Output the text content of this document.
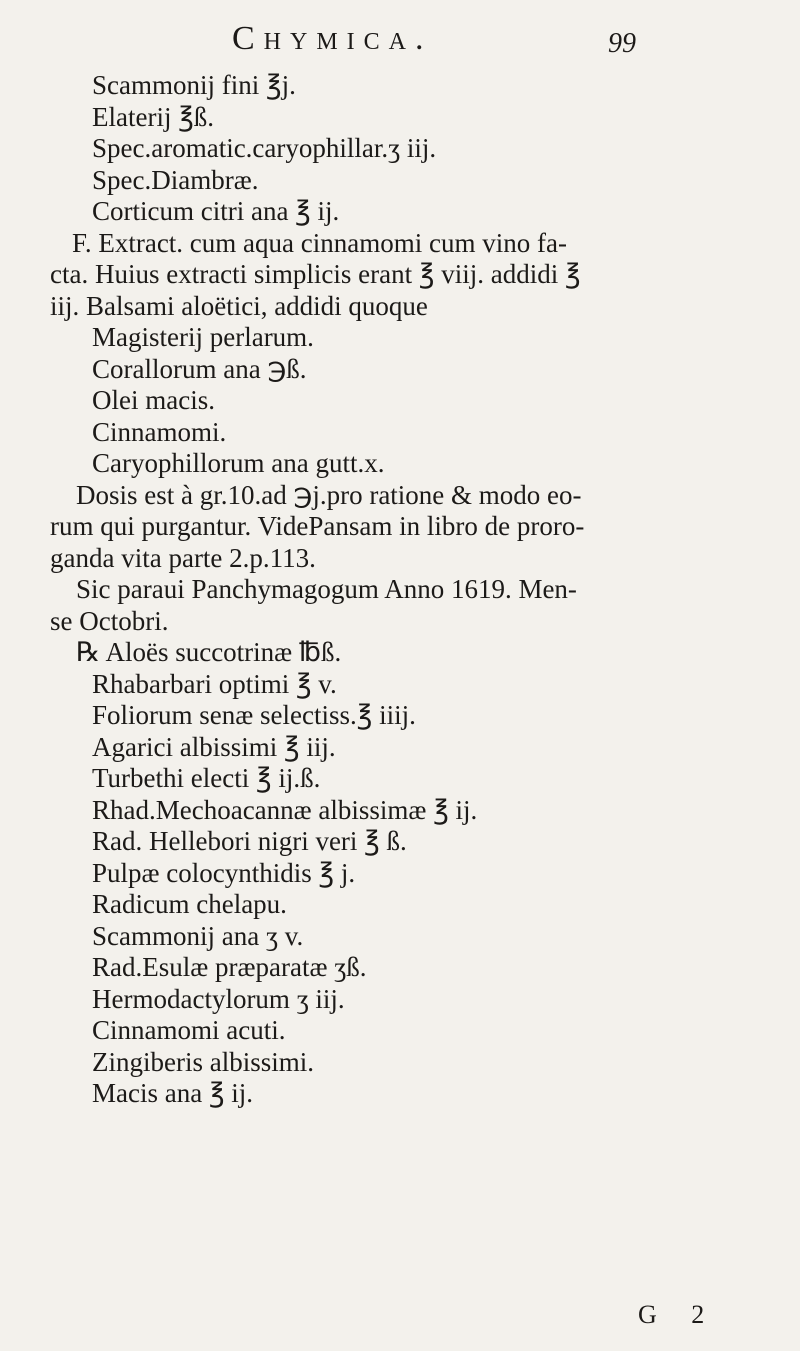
Chymica.	99
Scammonij fini ℥j.
Elaterij ℥ß.
Spec.aromatic.caryophillar.ʒ iij.
Spec.Diambræ.
Corticum citri ana ℥ ij.
F. Extract. cum aqua cinnamomi cum vino fa-
cta. Huius extracti simplicis erant ℥ viij. addidi ℥
iij. Balsami aloëtici, addidi quoque
Magisterij perlarum.
Corallorum ana ℈ß.
Olei macis.
Cinnamomi.
Caryophillorum ana gutt.x.
Dosis est à gr.10.ad ℈j.pro ratione & modo eo-
rum qui purgantur. VidePansam in libro de proro-
ganda vita parte 2.p.113.
Sic paraui Panchymagogum Anno 1619. Men-
se Octobri.
℞ Aloës succotrinæ ℔ß.
Rhabarbari optimi ℥ v.
Foliorum senæ selectiss.℥ iiij.
Agarici albissimi ℥ iij.
Turbethi electi ℥ ij.ß.
Rhad.Mechoacannæ albissimæ ℥ ij.
Rad. Hellebori nigri veri ℥ ß.
Pulpæ colocynthidis ℥ j.
Radicum chelapu.
Scammonij ana ʒ v.
Rad.Esulæ præparatæ ʒß.
Hermodactylorum ʒ iij.
Cinnamomi acuti.
Zingiberis albissimi.
Macis ana ℥ ij.
G 2
